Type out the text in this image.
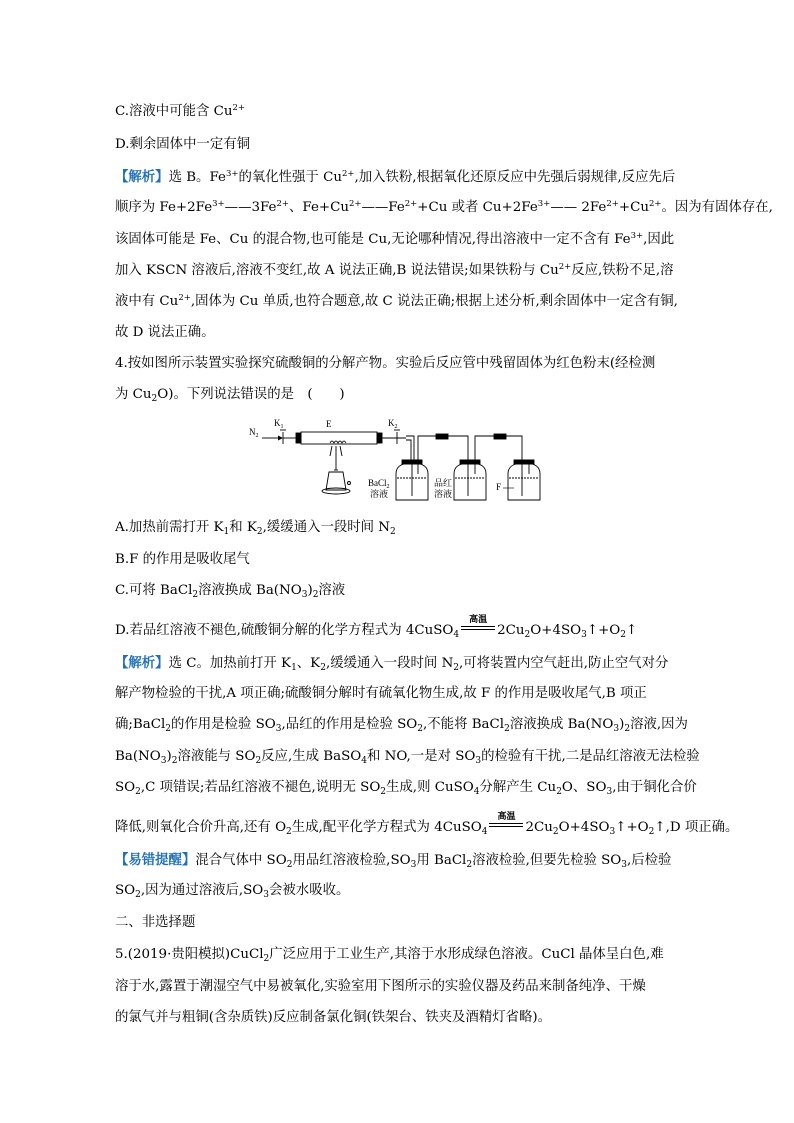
C.溶液中可能含 $Cu^{2+}$
D.剩余固体中一定有铜
【解析】选 B。$Fe^{3+}$的氧化性强于 $Cu^{2+}$,加入铁粉,根据氧化还原反应中先强后弱规律,反应先后
顺序为 $Fe+2Fe^{3+}——3Fe^{2+}$、$Fe+Cu^{2+}——Fe^{2+}+Cu$ 或者 $Cu+2Fe^{3+}——$ $2Fe^{2+}+Cu^{2+}$。因为有固体存在,
该固体可能是 Fe、Cu 的混合物,也可能是 Cu,无论哪种情况,得出溶液中一定不含有 $Fe^{3+}$,因此
加入 KSCN 溶液后,溶液不变红,故 A 说法正确,B 说法错误;如果铁粉与 $Cu^{2+}$反应,铁粉不足,溶
液中有 $Cu^{2+}$,固体为 Cu 单质,也符合题意,故 C 说法正确;根据上述分析,剩余固体中一定含有铜,
故 D 说法正确。
4.按如图所示装置实验探究硫酸铜的分解产物。实验后反应管中残留固体为红色粉末(经检测
为 $Cu_2O$)。下列说法错误的是　(　　)
$N_2$
$K_1$	E	$K_2$
BaCl$_2$
溶液
品红
溶液
F
A.加热前需打开 $K_1$和 $K_2$,缓缓通入一段时间 $N_2$
B.F 的作用是吸收尾气
C.可将 BaCl$_2$溶液换成 $Ba(NO_3)_2$溶液
D.若品红溶液不褪色,硫酸铜分解的化学方程式为 4CuSO$_4$
高温
$2Cu_2O+4SO_3↑+O_2↑$
【解析】选 C。加热前打开 $K_1$、$K_2$,缓缓通入一段时间 $N_2$,可将装置内空气赶出,防止空气对分
解产物检验的干扰,A 项正确;硫酸铜分解时有硫氧化物生成,故 F 的作用是吸收尾气,B 项正
确;BaCl$_2$的作用是检验 $SO_3$,品红的作用是检验 $SO_2$,不能将 BaCl$_2$溶液换成 $Ba(NO_3)_2$溶液,因为
$Ba(NO_3)_2$溶液能与 $SO_2$反应,生成 BaSO$_4$和 NO,一是对 $SO_3$的检验有干扰,二是品红溶液无法检验
$SO_2,C$ 项错误;若品红溶液不褪色,说明无 $SO_2$生成,则 CuSO$_4$分解产生 $Cu_2O$、$SO_3$,由于铜化合价
降低,则氧化合价升高,还有 $O_2$生成,配平化学方程式为 4CuSO$_4$
高温
$2Cu_2O+4SO_3↑+O_2↑,D$ 项正确。
【易错提醒】混合气体中 $SO_2$用品红溶液检验$,SO_3$用 BaCl$_2$溶液检验,但要先检验 $SO_3$,后检验
$SO_2$,因为通过溶液后$,SO_3$会被水吸收。
二、非选择题
5.(2019·贵阳模拟)CuCl$_2$广泛应用于工业生产,其溶于水形成绿色溶液。CuCl 晶体呈白色,难
溶于水,露置于潮湿空气中易被氧化,实验室用下图所示的实验仪器及药品来制备纯净、干燥
的氯气并与粗铜(含杂质铁)反应制备氯化铜(铁架台、铁夹及酒精灯省略)。
